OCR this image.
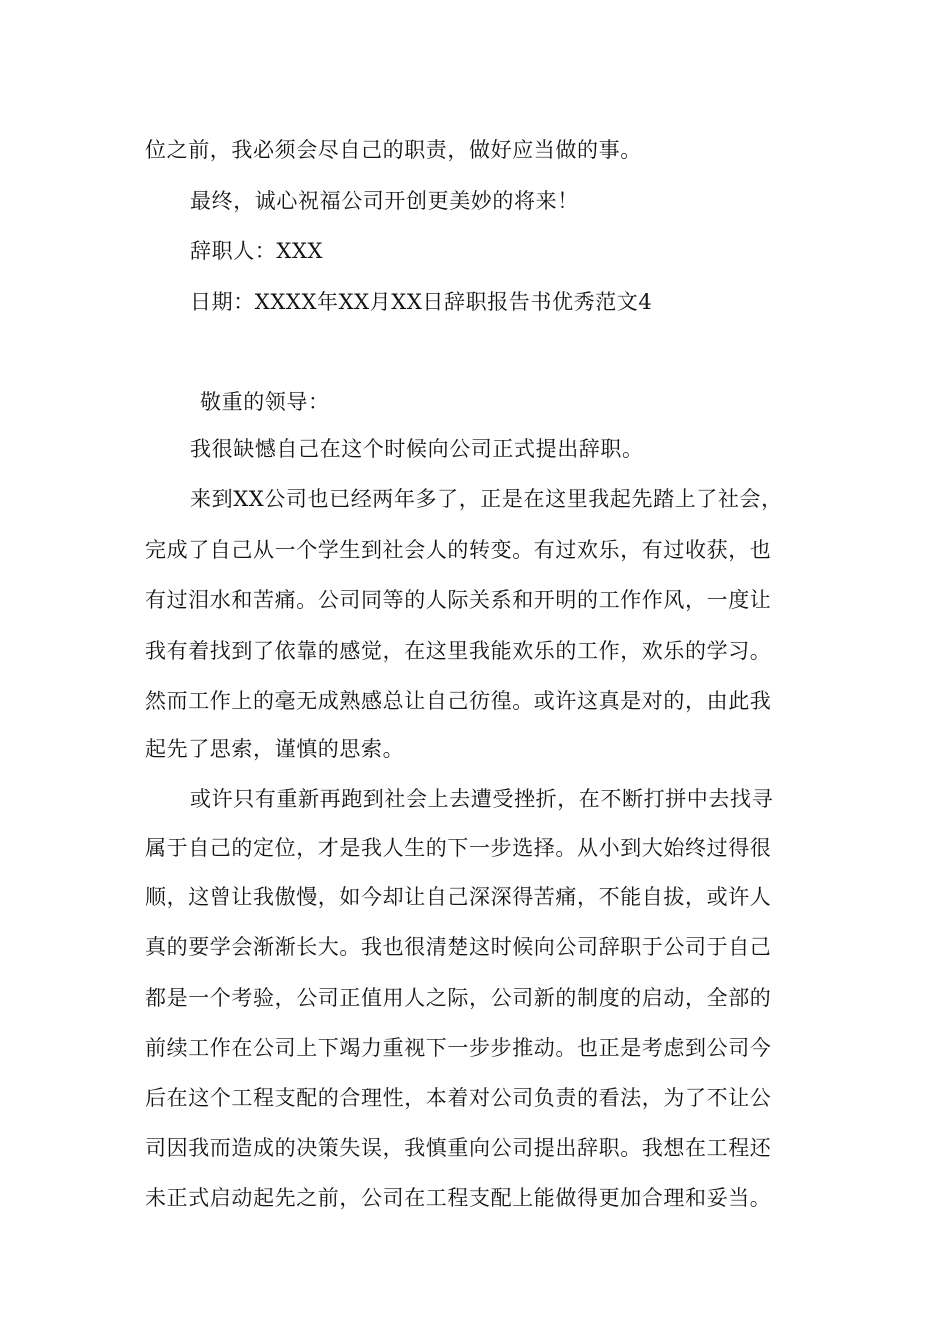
位之前，我必须会尽自己的职责，做好应当做的事。
最终，诚心祝福公司开创更美妙的将来！
辞职人：XXX
日期：XXXX年XX月XX日辞职报告书优秀范文4
敬重的领导：
我很缺憾自己在这个时候向公司正式提出辞职。
来到XX公司也已经两年多了，正是在这里我起先踏上了社会，
完成了自己从一个学生到社会人的转变。有过欢乐，有过收获，也
有过泪水和苦痛。公司同等的人际关系和开明的工作作风，一度让
我有着找到了依靠的感觉，在这里我能欢乐的工作，欢乐的学习。
然而工作上的毫无成熟感总让自己彷徨。或许这真是对的，由此我
起先了思索，谨慎的思索。
或许只有重新再跑到社会上去遭受挫折，在不断打拼中去找寻
属于自己的定位，才是我人生的下一步选择。从小到大始终过得很
顺，这曾让我傲慢，如今却让自己深深得苦痛，不能自拔，或许人
真的要学会渐渐长大。我也很清楚这时候向公司辞职于公司于自己
都是一个考验，公司正值用人之际，公司新的制度的启动，全部的
前续工作在公司上下竭力重视下一步步推动。也正是考虑到公司今
后在这个工程支配的合理性，本着对公司负责的看法，为了不让公
司因我而造成的决策失误，我慎重向公司提出辞职。我想在工程还
未正式启动起先之前，公司在工程支配上能做得更加合理和妥当。
